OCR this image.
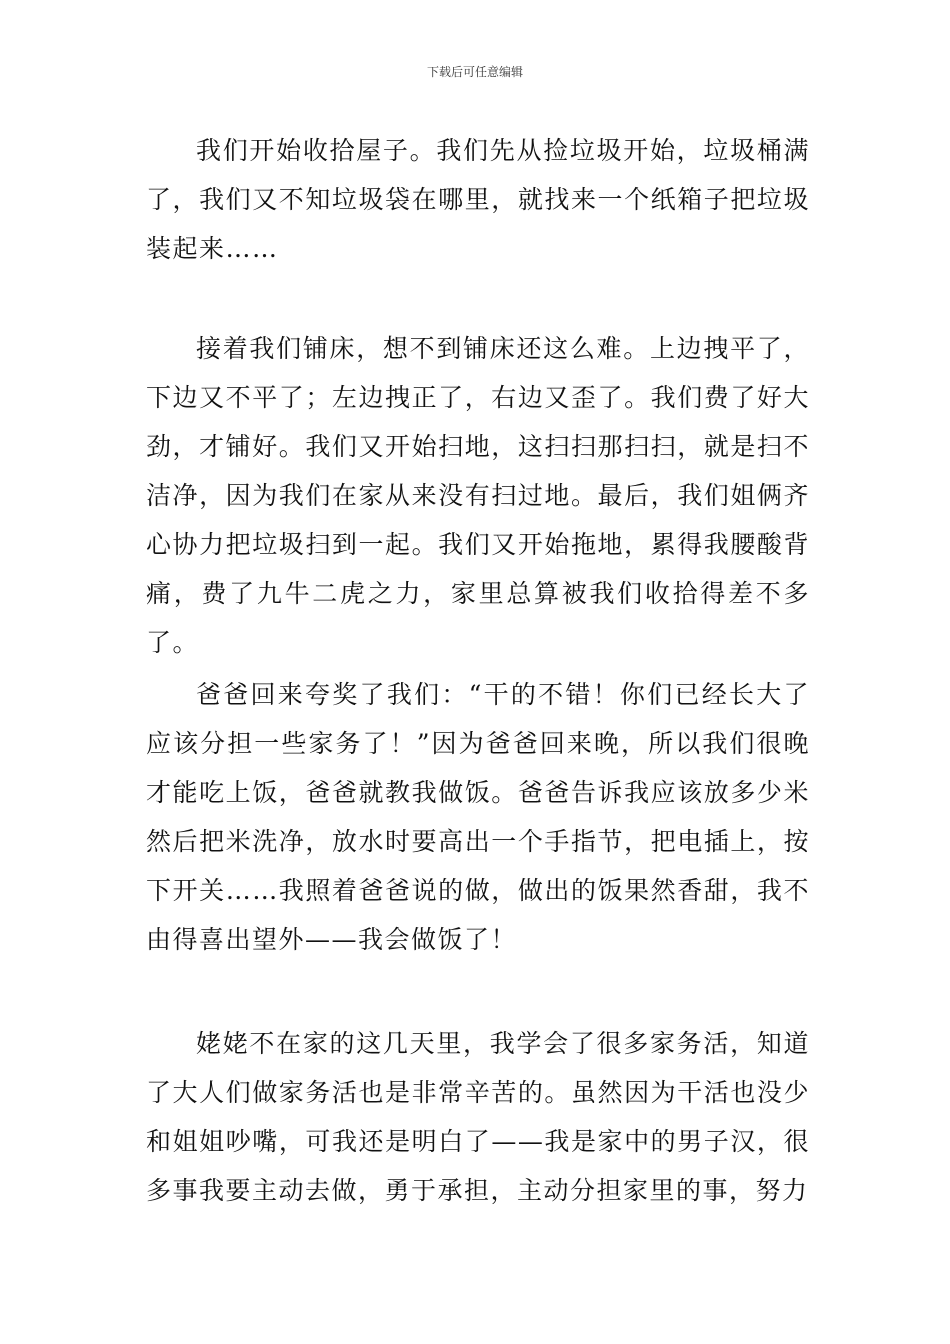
下载后可任意编辑

我们开始收拾屋子。我们先从捡垃圾开始，垃圾桶满了，我们又不知垃圾袋在哪里，就找来一个纸箱子把垃圾装起来……

接着我们铺床，想不到铺床还这么难。上边拽平了，下边又不平了；左边拽正了，右边又歪了。我们费了好大劲，才铺好。我们又开始扫地，这扫扫那扫扫，就是扫不洁净，因为我们在家从来没有扫过地。最后，我们姐俩齐心协力把垃圾扫到一起。我们又开始拖地，累得我腰酸背痛，费了九牛二虎之力，家里总算被我们收拾得差不多了。

爸爸回来夸奖了我们：“干的不错！你们已经长大了应该分担一些家务了！”因为爸爸回来晚，所以我们很晚才能吃上饭，爸爸就教我做饭。爸爸告诉我应该放多少米然后把米洗净，放水时要高出一个手指节，把电插上，按下开关……我照着爸爸说的做，做出的饭果然香甜，我不由得喜出望外——我会做饭了！

姥姥不在家的这几天里，我学会了很多家务活，知道了大人们做家务活也是非常辛苦的。虽然因为干活也没少和姐姐吵嘴，可我还是明白了——我是家中的男子汉，很多事我要主动去做，勇于承担，主动分担家里的事，努力
